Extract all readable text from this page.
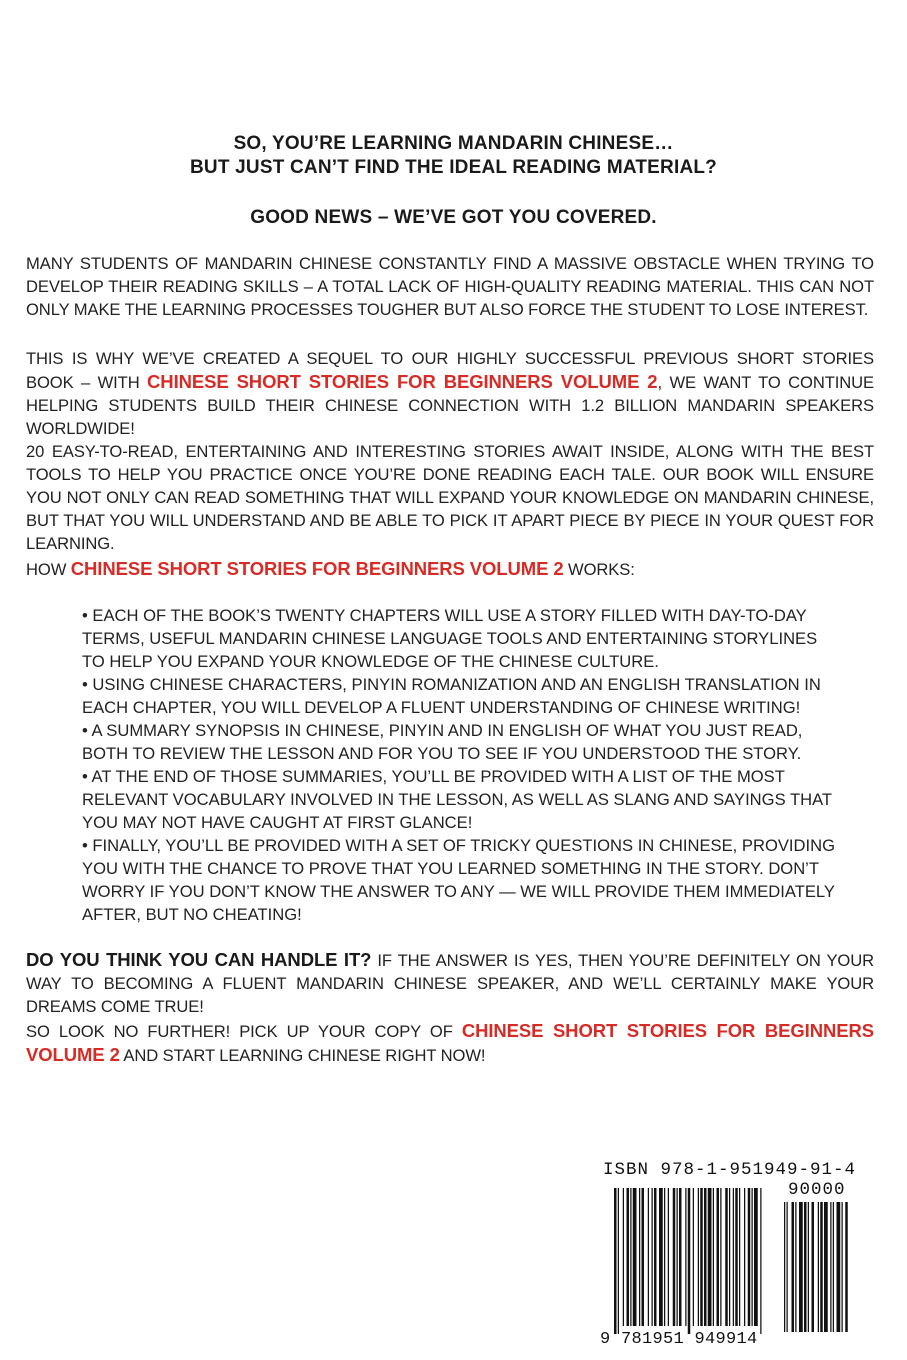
SO, YOU’RE LEARNING MANDARIN CHINESE…
BUT JUST CAN’T FIND THE IDEAL READING MATERIAL?
GOOD NEWS – WE’VE GOT YOU COVERED.
MANY STUDENTS OF MANDARIN CHINESE CONSTANTLY FIND A MASSIVE OBSTACLE WHEN TRYING TO DEVELOP THEIR READING SKILLS – A TOTAL LACK OF HIGH-QUALITY READING MATERIAL. THIS CAN NOT ONLY MAKE THE LEARNING PROCESSES TOUGHER BUT ALSO FORCE THE STUDENT TO LOSE INTEREST.
THIS IS WHY WE’VE CREATED A SEQUEL TO OUR HIGHLY SUCCESSFUL PREVIOUS SHORT STORIES BOOK – WITH CHINESE SHORT STORIES FOR BEGINNERS VOLUME 2, WE WANT TO CONTINUE HELPING STUDENTS BUILD THEIR CHINESE CONNECTION WITH 1.2 BILLION MANDARIN SPEAKERS WORLDWIDE!
20 EASY-TO-READ, ENTERTAINING AND INTERESTING STORIES AWAIT INSIDE, ALONG WITH THE BEST TOOLS TO HELP YOU PRACTICE ONCE YOU’RE DONE READING EACH TALE. OUR BOOK WILL ENSURE YOU NOT ONLY CAN READ SOMETHING THAT WILL EXPAND YOUR KNOWLEDGE ON MANDARIN CHINESE, BUT THAT YOU WILL UNDERSTAND AND BE ABLE TO PICK IT APART PIECE BY PIECE IN YOUR QUEST FOR LEARNING.
HOW CHINESE SHORT STORIES FOR BEGINNERS VOLUME 2 WORKS:

• EACH OF THE BOOK’S TWENTY CHAPTERS WILL USE A STORY FILLED WITH DAY-TO-DAY TERMS, USEFUL MANDARIN CHINESE LANGUAGE TOOLS AND ENTERTAINING STORYLINES TO HELP YOU EXPAND YOUR KNOWLEDGE OF THE CHINESE CULTURE.

• USING CHINESE CHARACTERS, PINYIN ROMANIZATION AND AN ENGLISH TRANSLATION IN EACH CHAPTER, YOU WILL DEVELOP A FLUENT UNDERSTANDING OF CHINESE WRITING!

• A SUMMARY SYNOPSIS IN CHINESE, PINYIN AND IN ENGLISH OF WHAT YOU JUST READ, BOTH TO REVIEW THE LESSON AND FOR YOU TO SEE IF YOU UNDERSTOOD THE STORY.

• AT THE END OF THOSE SUMMARIES, YOU’LL BE PROVIDED WITH A LIST OF THE MOST RELEVANT VOCABULARY INVOLVED IN THE LESSON, AS WELL AS SLANG AND SAYINGS THAT YOU MAY NOT HAVE CAUGHT AT FIRST GLANCE!

• FINALLY, YOU’LL BE PROVIDED WITH A SET OF TRICKY QUESTIONS IN CHINESE, PROVIDING YOU WITH THE CHANCE TO PROVE THAT YOU LEARNED SOMETHING IN THE STORY. DON’T WORRY IF YOU DON’T KNOW THE ANSWER TO ANY — WE WILL PROVIDE THEM IMMEDIATELY AFTER, BUT NO CHEATING!

DO YOU THINK YOU CAN HANDLE IT? IF THE ANSWER IS YES, THEN YOU’RE DEFINITELY ON YOUR WAY TO BECOMING A FLUENT MANDARIN CHINESE SPEAKER, AND WE’LL CERTAINLY MAKE YOUR DREAMS COME TRUE!
SO LOOK NO FURTHER! PICK UP YOUR COPY OF CHINESE SHORT STORIES FOR BEGINNERS VOLUME 2 AND START LEARNING CHINESE RIGHT NOW!
ISBN 978-1-951949-91-4
90000
9 781951 949914
